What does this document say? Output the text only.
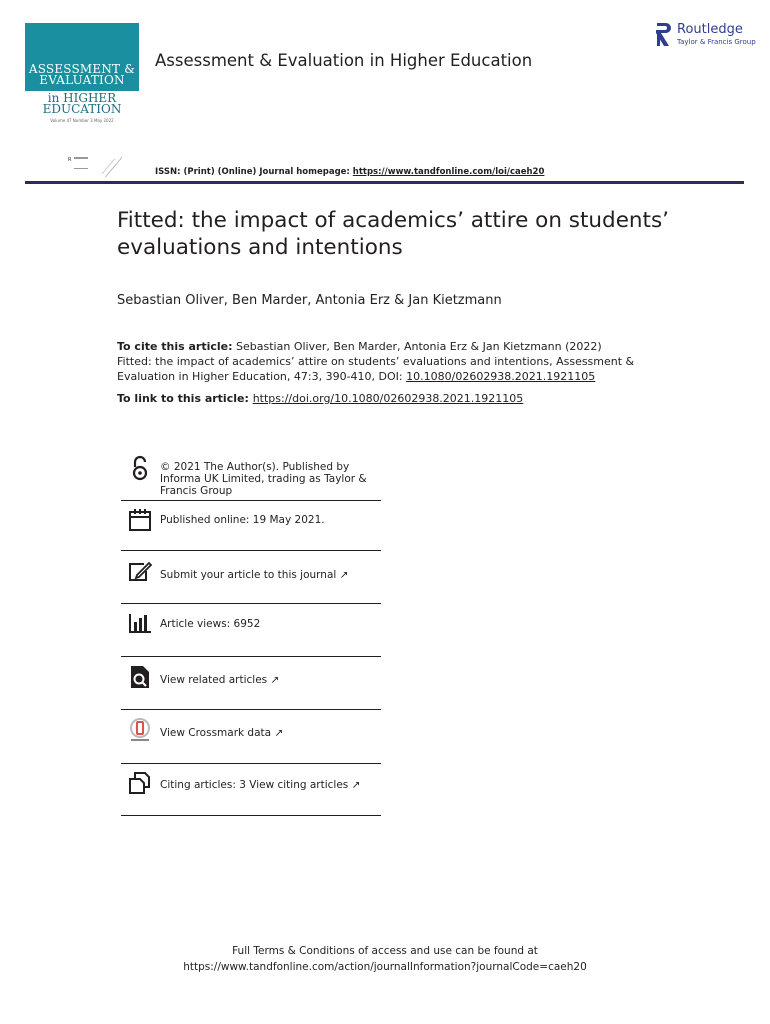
ASSESSMENT &
EVALUATION
in HIGHER
EDUCATION
Volume 47 Number 3 May 2022
R
Assessment & Evaluation in Higher Education
Routledge
Taylor & Francis Group
ISSN: (Print) (Online) Journal homepage: https://www.tandfonline.com/loi/caeh20
Fitted: the impact of academics’ attire on students’ evaluations and intentions
Sebastian Oliver, Ben Marder, Antonia Erz & Jan Kietzmann
To cite this article: Sebastian Oliver, Ben Marder, Antonia Erz & Jan Kietzmann (2022) Fitted: the impact of academics’ attire on students’ evaluations and intentions, Assessment & Evaluation in Higher Education, 47:3, 390-410, DOI: 10.1080/02602938.2021.1921105
To link to this article: https://doi.org/10.1080/02602938.2021.1921105
© 2021 The Author(s). Published by Informa UK Limited, trading as Taylor & Francis Group
Published online: 19 May 2021.
Submit your article to this journal ↗︎
Article views: 6952
View related articles ↗︎
View Crossmark data ↗︎
Citing articles: 3 View citing articles ↗︎
Full Terms & Conditions of access and use can be found at
https://www.tandfonline.com/action/journalInformation?journalCode=caeh20
